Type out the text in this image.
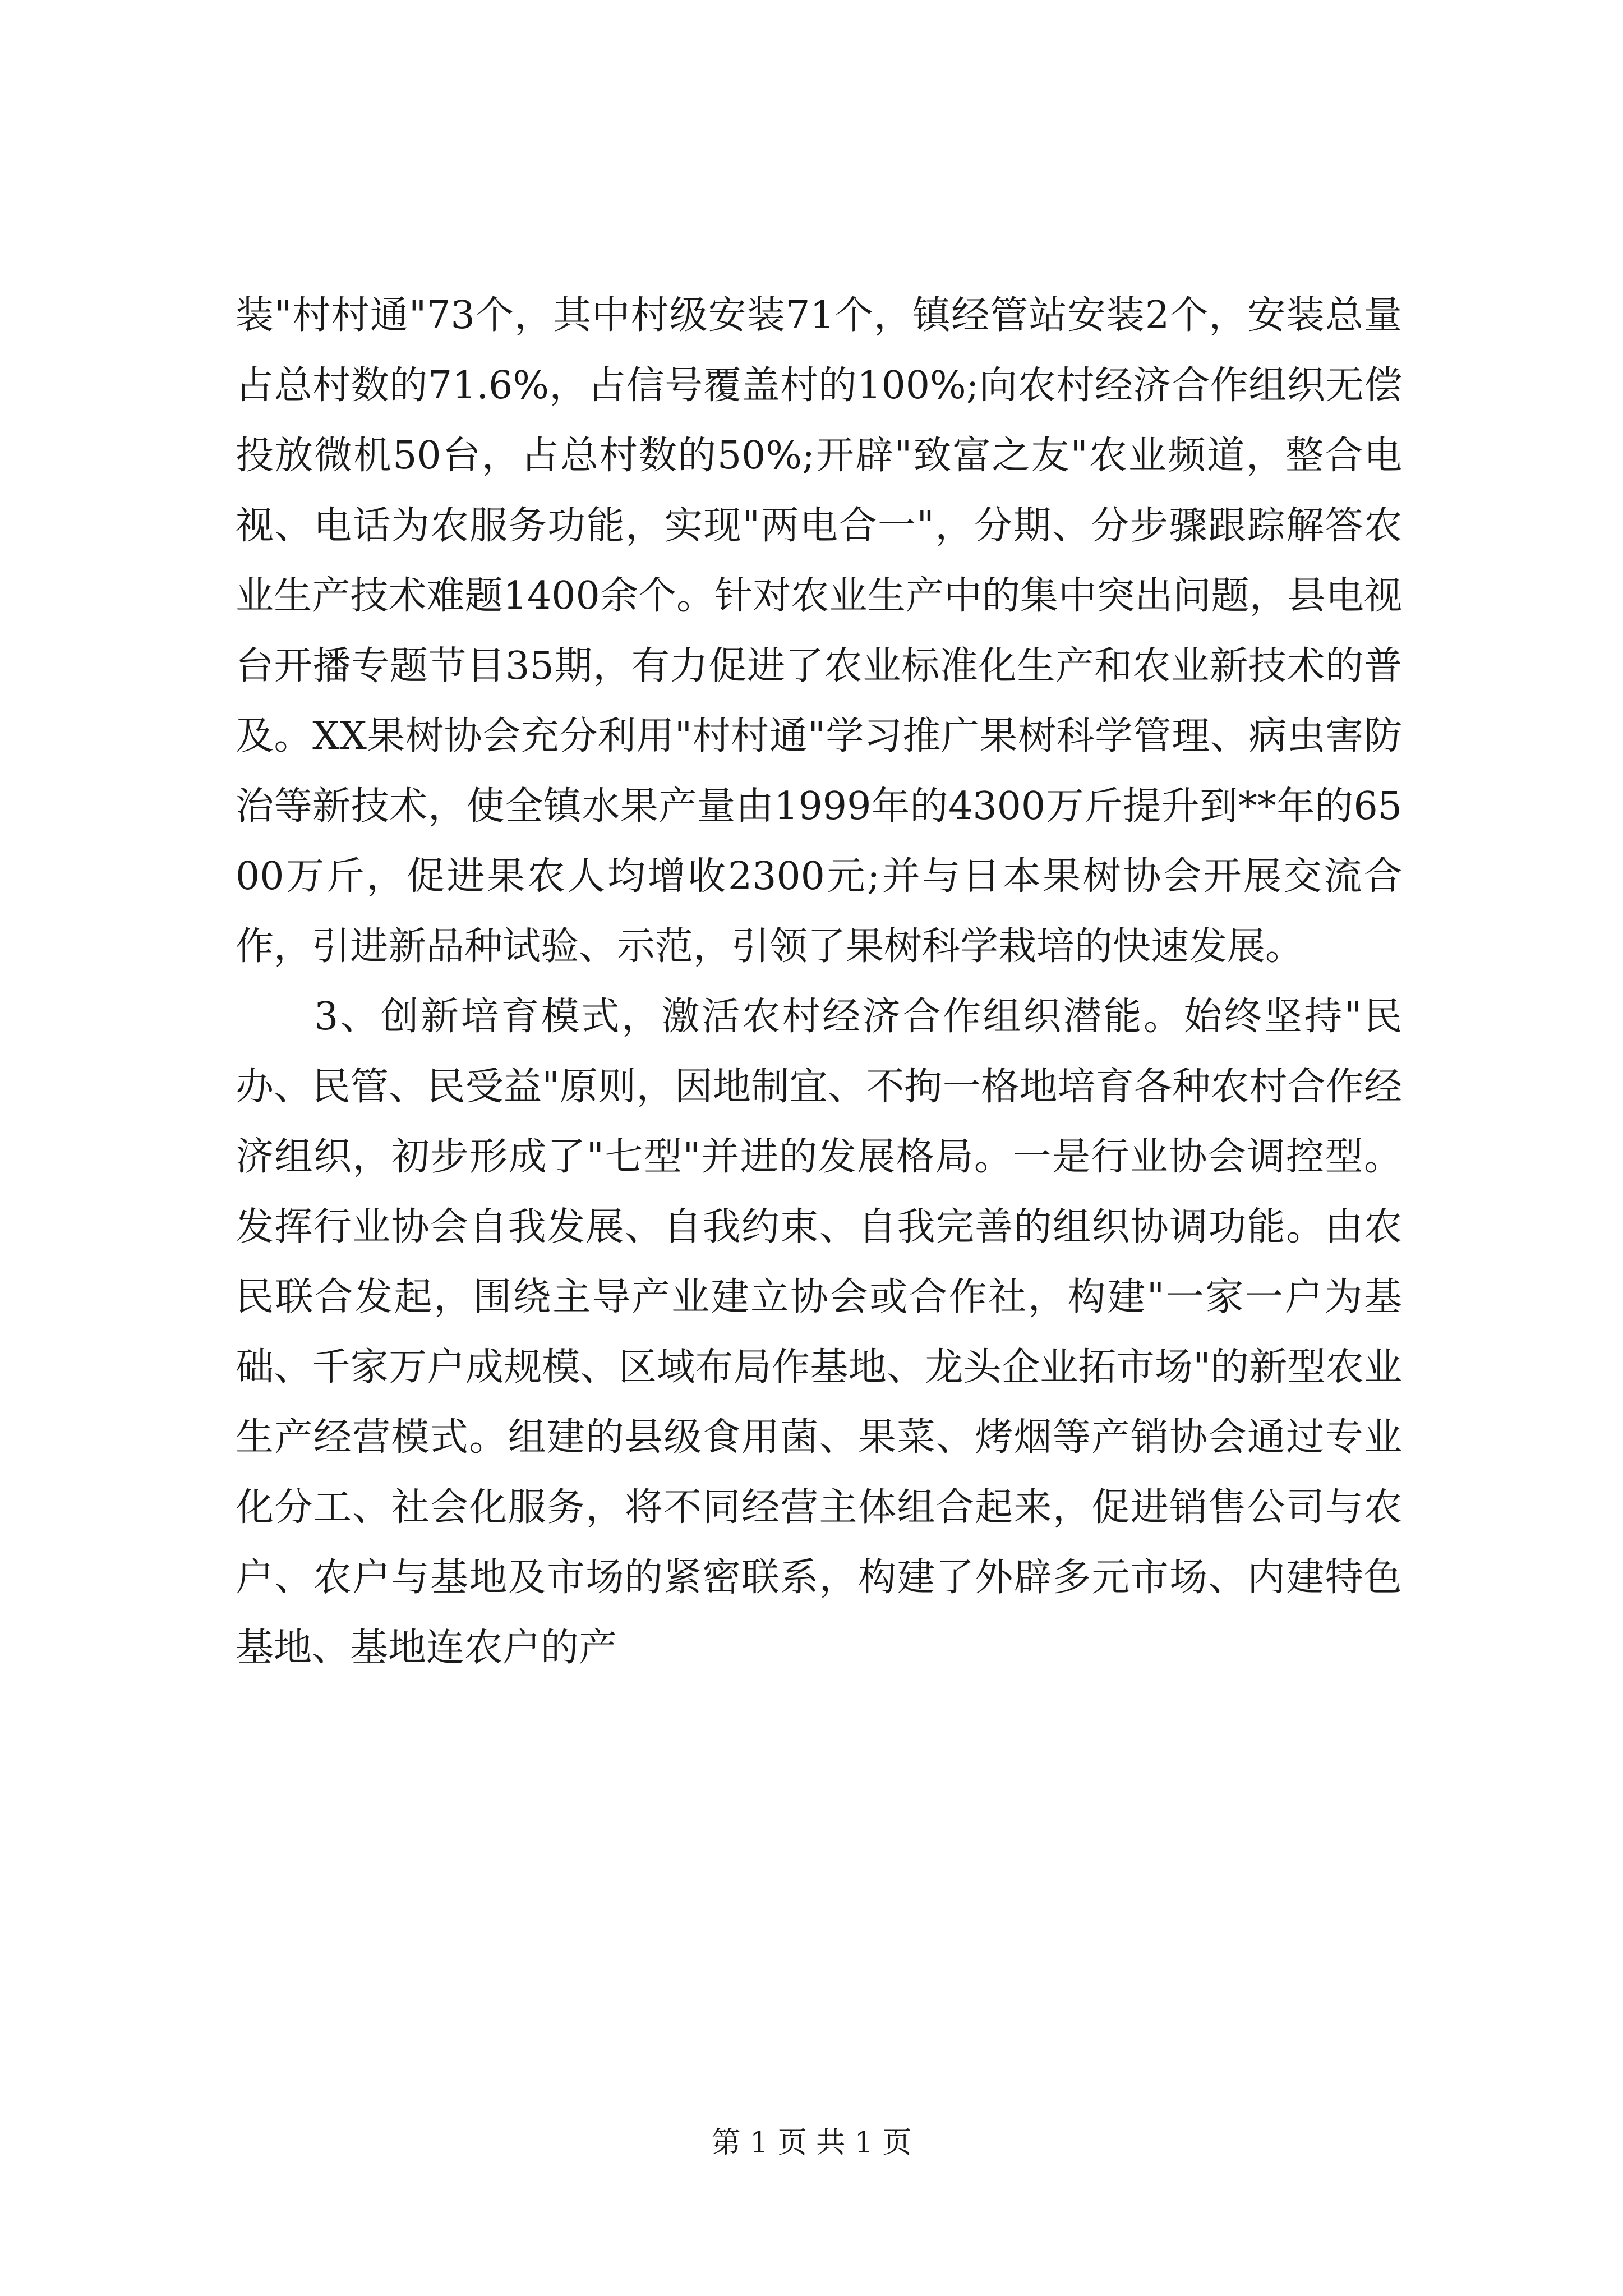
装"村村通"73个，其中村级安装71个，镇经管站安装2个，安装总量占总村数的71.6%，占信号覆盖村的100%;向农村经济合作组织无偿投放微机50台，占总村数的50%;开辟"致富之友"农业频道，整合电视、电话为农服务功能，实现"两电合一"，分期、分步骤跟踪解答农业生产技术难题1400余个。针对农业生产中的集中突出问题，县电视台开播专题节目35期，有力促进了农业标准化生产和农业新技术的普及。XX果树协会充分利用"村村通"学习推广果树科学管理、病虫害防治等新技术，使全镇水果产量由1999年的4300万斤提升到**年的6500万斤，促进果农人均增收2300元;并与日本果树协会开展交流合作，引进新品种试验、示范，引领了果树科学栽培的快速发展。

3、创新培育模式，激活农村经济合作组织潜能。始终坚持"民办、民管、民受益"原则，因地制宜、不拘一格地培育各种农村合作经济组织，初步形成了"七型"并进的发展格局。一是行业协会调控型。发挥行业协会自我发展、自我约束、自我完善的组织协调功能。由农民联合发起，围绕主导产业建立协会或合作社，构建"一家一户为基础、千家万户成规模、区域布局作基地、龙头企业拓市场"的新型农业生产经营模式。组建的县级食用菌、果菜、烤烟等产销协会通过专业化分工、社会化服务，将不同经营主体组合起来，促进销售公司与农户、农户与基地及市场的紧密联系，构建了外辟多元市场、内建特色基地、基地连农户的产

第 1 页 共 1 页
